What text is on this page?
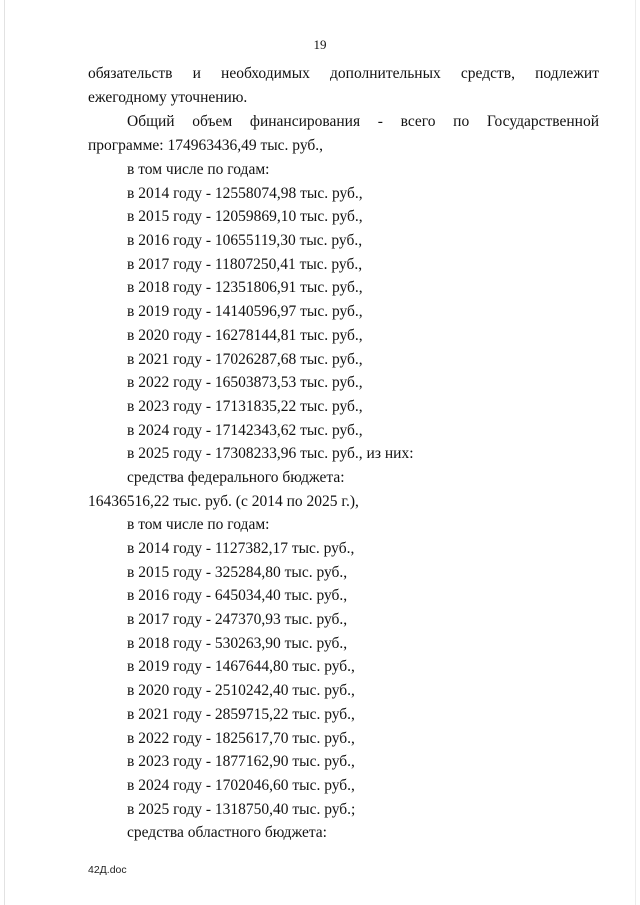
19
обязательств и необходимых дополнительных средств, подлежит
ежегодному уточнению.
Общий объем финансирования - всего по Государственной
программе: 174963436,49 тыс. руб.,
в том числе по годам:
в 2014 году - 12558074,98 тыс. руб.,
в 2015 году - 12059869,10 тыс. руб.,
в 2016 году - 10655119,30 тыс. руб.,
в 2017 году - 11807250,41 тыс. руб.,
в 2018 году - 12351806,91 тыс. руб.,
в 2019 году - 14140596,97 тыс. руб.,
в 2020 году - 16278144,81 тыс. руб.,
в 2021 году - 17026287,68 тыс. руб.,
в 2022 году - 16503873,53 тыс. руб.,
в 2023 году - 17131835,22 тыс. руб.,
в 2024 году - 17142343,62 тыс. руб.,
в 2025 году - 17308233,96 тыс. руб., из них:
средства федерального бюджета:
16436516,22 тыс. руб. (с 2014 по 2025 г.),
в том числе по годам:
в 2014 году - 1127382,17 тыс. руб.,
в 2015 году - 325284,80 тыс. руб.,
в 2016 году - 645034,40 тыс. руб.,
в 2017 году - 247370,93 тыс. руб.,
в 2018 году - 530263,90 тыс. руб.,
в 2019 году - 1467644,80 тыс. руб.,
в 2020 году - 2510242,40 тыс. руб.,
в 2021 году - 2859715,22 тыс. руб.,
в 2022 году - 1825617,70 тыс. руб.,
в 2023 году - 1877162,90 тыс. руб.,
в 2024 году - 1702046,60 тыс. руб.,
в 2025 году - 1318750,40 тыс. руб.;
средства областного бюджета:
42Д.doc
